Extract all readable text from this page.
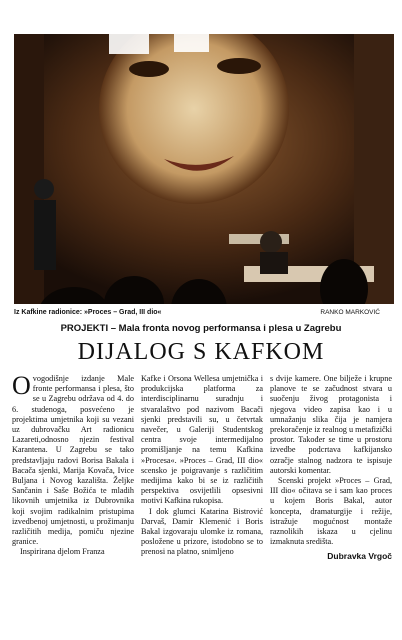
Iz Kafkine radionice: »Proces – Grad, III dio«	RANKO MARKOVIĆ
PROJEKTI – Mala fronta novog performansa i plesa u Zagrebu
DIJALOG S KAFKOM

Ovogodišnje izdanje Male fronte performansa i plesa, što se u Zagrebu održava od 4. do 6. studenoga, posvećeno je projektima umjetnika koji su vezani uz dubrovačku Art radionicu Lazareti,odnosno njezin festival Karantena. U Zagrebu se tako predstavljaju radovi Borisa Bakala i Bacača sjenki, Marija Kovača, Ivice Buljana i Novog kazališta. Željke Sančanin i Saše Božića te mladih likovnih umjetnika iz Dubrovnika koji svojim radikalnim pristupima izvedbenoj umjetnosti, u prožimanju različitih medija, pomiču njezine granice.

Inspirirana djelom Franza

Kafke i Orsona Wellesa umjetnička i produkcijska platforma za interdisciplinarnu suradnju i stvaralaštvo pod nazivom Bacači sjenki predstavili su, u četvrtak navečer, u Galeriji Studentskog centra svoje intermedijalno promišljanje na temu Kafkina »Procesa«. »Proces – Grad, III dio« scensko je poigravanje s različitim medijima kako bi se iz različitih perspektiva osvijetlili opsesivni motivi Kafkina rukopisa.

I dok glumci Katarina Bistrović Darvaš, Damir Klemenić i Boris Bakal izgovaraju ulomke iz romana, posložene u prizore, istodobno se to prenosi na platno, snimljeno

s dvije kamere. One bilježe i krupne planove te se začudnost stvara u suočenju živog protagonista i njegova video zapisa kao i u umnažanju slika čija je namjera prekoračenje iz realnog u metafizički prostor. Također se time u prostoru izvedbe podcrtava kafkijansko ozračje stalnog nadzora te ispisuje autorski komentar.

Scenski projekt »Proces – Grad, III dio« očitava se i sam kao proces u kojem Boris Bakal, autor koncepta, dramaturgije i režije, istražuje mogućnost montaže raznolikih iskaza u cjelinu izmaknuta središta.

Dubravka Vrgoč
